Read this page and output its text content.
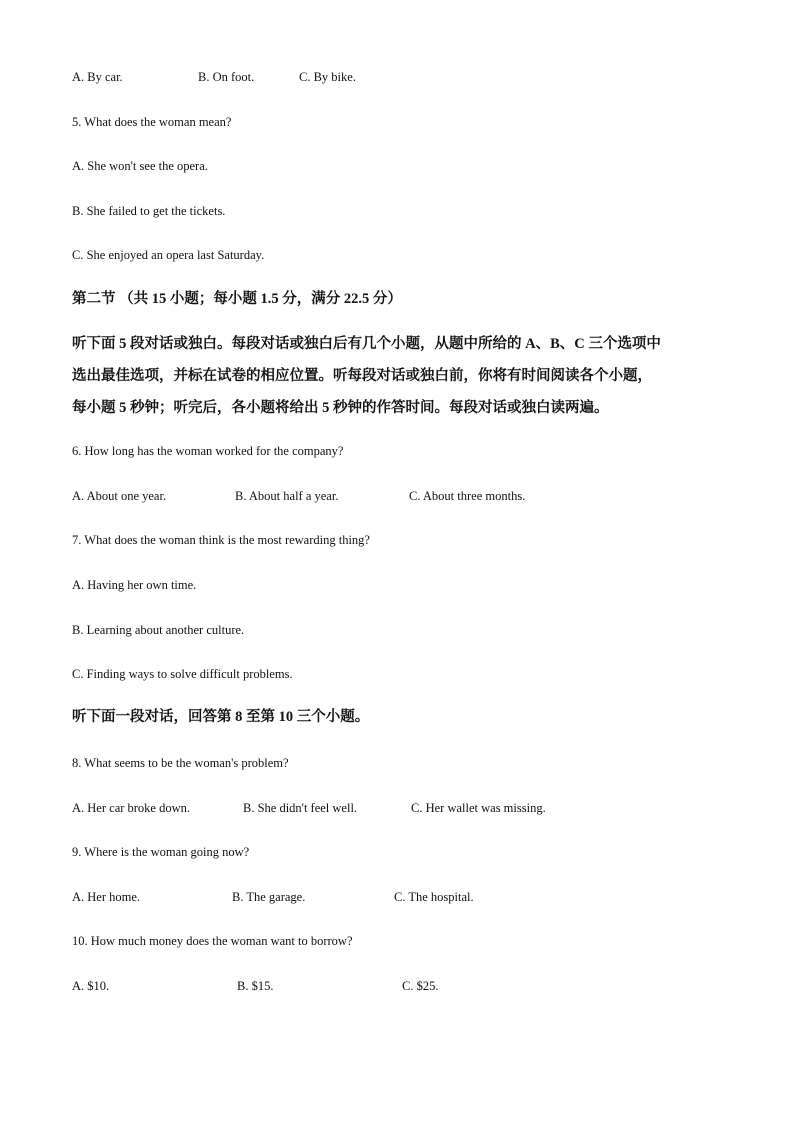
A. By car.	B. On foot.	C. By bike.
5. What does the woman mean?
A. She won't see the opera.
B. She failed to get the tickets.
C. She enjoyed an opera last Saturday.
第二节 （共 15 小题；每小题 1.5 分，满分 22.5 分）
听下面 5 段对话或独白。每段对话或独白后有几个小题，从题中所给的 A、B、C 三个选项中
选出最佳选项，并标在试卷的相应位置。听每段对话或独白前，你将有时间阅读各个小题，
每小题 5 秒钟；听完后，各小题将给出 5 秒钟的作答时间。每段对话或独白读两遍。
6. How long has the woman worked for the company?
A. About one year.	B. About half a year.	C. About three months.
7. What does the woman think is the most rewarding thing?
A. Having her own time.
B. Learning about another culture.
C. Finding ways to solve difficult problems.
听下面一段对话，回答第 8 至第 10 三个小题。
8. What seems to be the woman's problem?
A. Her car broke down.	B. She didn't feel well.	C. Her wallet was missing.
9. Where is the woman going now?
A. Her home.	B. The garage.	C. The hospital.
10. How much money does the woman want to borrow?
A. $10.	B. $15.	C. $25.
